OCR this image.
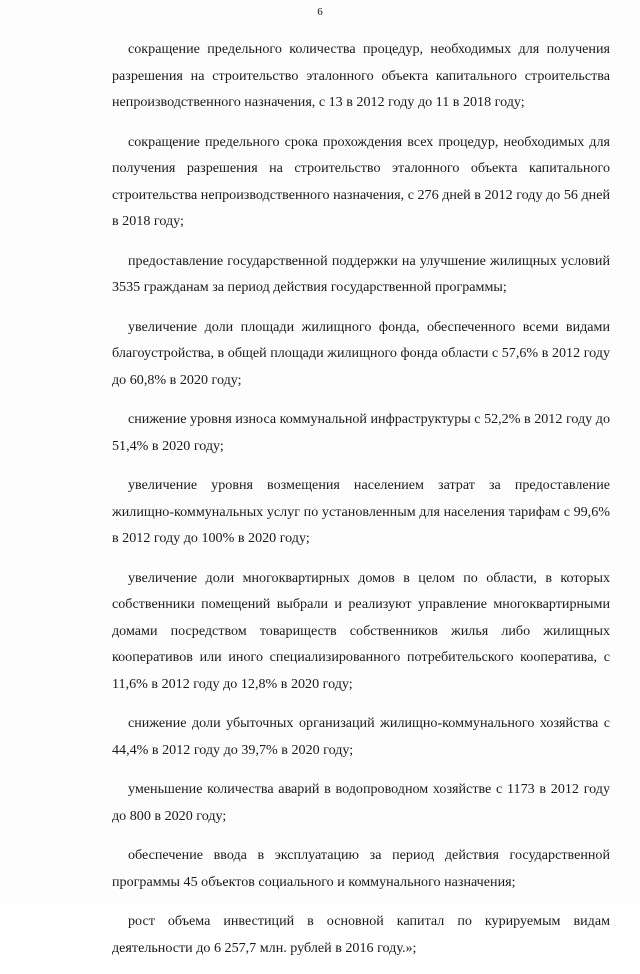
6

сокращение предельного количества процедур, необходимых для получения разрешения на строительство эталонного объекта капитального строительства непроизводственного назначения, с 13 в 2012 году до 11 в 2018 году;

сокращение предельного срока прохождения всех процедур, необходимых для получения разрешения на строительство эталонного объекта капитального строительства непроизводственного назначения, с 276 дней в 2012 году до 56 дней в 2018 году;

предоставление государственной поддержки на улучшение жилищных условий 3535 гражданам за период действия государственной программы;

увеличение доли площади жилищного фонда, обеспеченного всеми видами благоустройства, в общей площади жилищного фонда области с 57,6% в 2012 году до 60,8% в 2020 году;

снижение уровня износа коммунальной инфраструктуры с 52,2% в 2012 году до 51,4% в 2020 году;

увеличение уровня возмещения населением затрат за предоставление жилищно-коммунальных услуг по установленным для населения тарифам с 99,6% в 2012 году до 100% в 2020 году;

увеличение доли многоквартирных домов в целом по области, в которых собственники помещений выбрали и реализуют управление многоквартирными домами посредством товариществ собственников жилья либо жилищных кооперативов или иного специализированного потребительского кооператива, с 11,6% в 2012 году до 12,8% в 2020 году;

снижение доли убыточных организаций жилищно-коммунального хозяйства с 44,4% в 2012 году до 39,7% в 2020 году;

уменьшение количества аварий в водопроводном хозяйстве с 1173 в 2012 году до 800 в 2020 году;

обеспечение ввода в эксплуатацию за период действия государственной программы 45 объектов социального и коммунального назначения;

рост объема инвестиций в основной капитал по курируемым видам деятельности до 6 257,7 млн. рублей в 2016 году.»;
